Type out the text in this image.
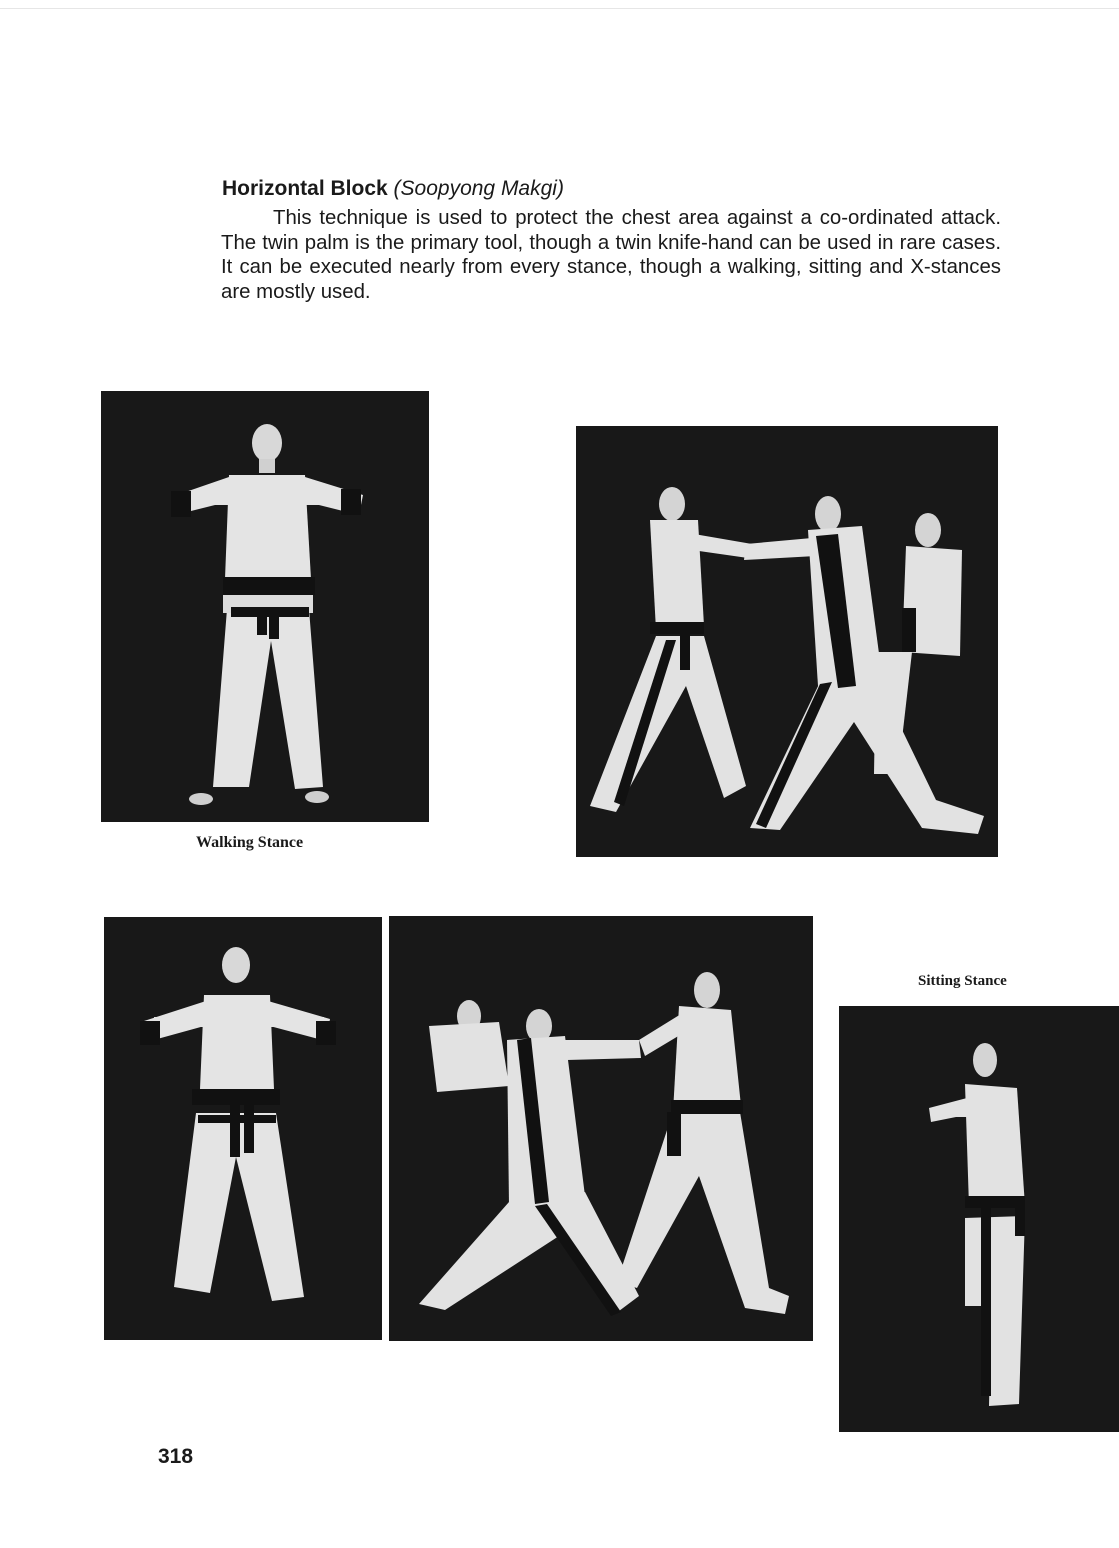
Horizontal Block (Soopyong Makgi)

This technique is used to protect the chest area against a co-ordinated attack. The twin palm is the primary tool, though a twin knife-hand can be used in rare cases. It can be executed nearly from every stance, though a walking, sitting and X-stances are mostly used.

Walking Stance
Sitting Stance
318
